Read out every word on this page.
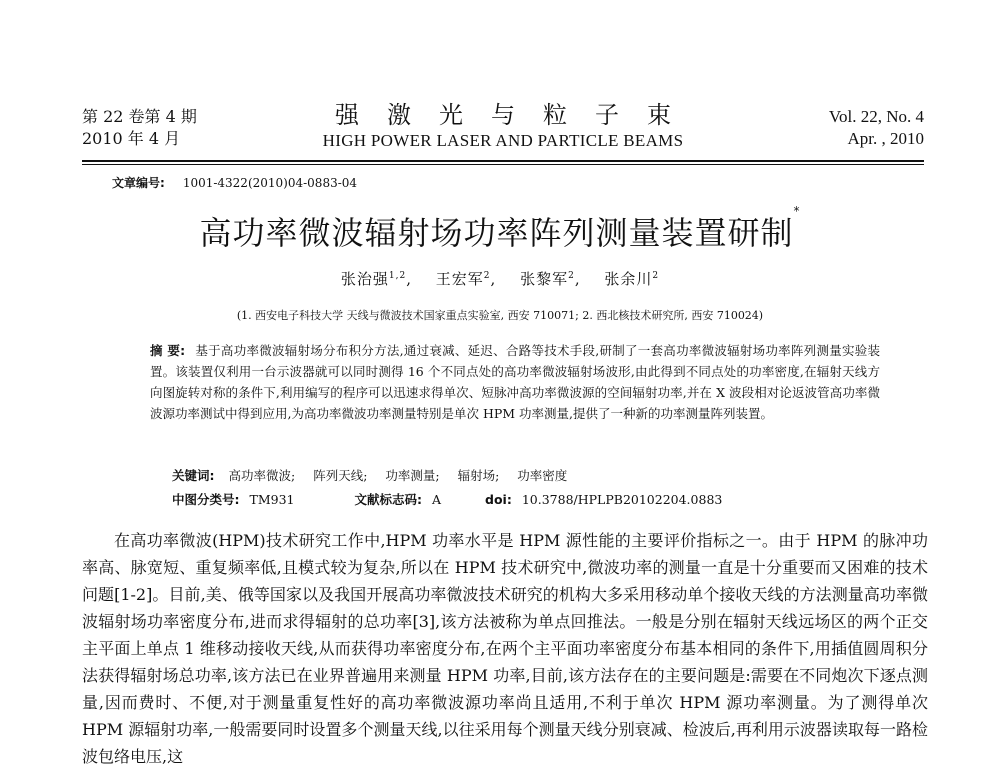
第 22 卷第 4 期
2010 年 4 月
强激光与粒子束
HIGH POWER LASER AND PARTICLE BEAMS
Vol. 22, No. 4
Apr. , 2010
文章编号: 1001-4322(2010)04-0883-04
高功率微波辐射场功率阵列测量装置研制*
张治强$^{1,2}$, 王宏军$^2$, 张黎军$^2$, 张余川$^2$
(1. 西安电子科技大学 天线与微波技术国家重点实验室, 西安 710071; 2. 西北核技术研究所, 西安 710024)
摘 要: 基于高功率微波辐射场分布积分方法,通过衰减、延迟、合路等技术手段,研制了一套高功率微波辐射场功率阵列测量实验装置。该装置仅利用一台示波器就可以同时测得 16 个不同点处的高功率微波辐射场波形,由此得到不同点处的功率密度,在辐射天线方向图旋转对称的条件下,利用编写的程序可以迅速求得单次、短脉冲高功率微波源的空间辐射功率,并在 X 波段相对论返波管高功率微波源功率测试中得到应用,为高功率微波功率测量特别是单次 HPM 功率测量,提供了一种新的功率测量阵列装置。
关键词: 高功率微波; 阵列天线; 功率测量; 辐射场; 功率密度
中图分类号: TM931	文献标志码: A	doi: 10.3788/HPLPB20102204.0883

在高功率微波(HPM)技术研究工作中,HPM 功率水平是 HPM 源性能的主要评价指标之一。由于 HPM 的脉冲功率高、脉宽短、重复频率低,且模式较为复杂,所以在 HPM 技术研究中,微波功率的测量一直是十分重要而又困难的技术问题[1-2]。目前,美、俄等国家以及我国开展高功率微波技术研究的机构大多采用移动单个接收天线的方法测量高功率微波辐射场功率密度分布,进而求得辐射的总功率[3],该方法被称为单点回推法。一般是分别在辐射天线远场区的两个正交主平面上单点 1 维移动接收天线,从而获得功率密度分布,在两个主平面功率密度分布基本相同的条件下,用插值圆周积分法获得辐射场总功率,该方法已在业界普遍用来测量 HPM 功率,目前,该方法存在的主要问题是:需要在不同炮次下逐点测量,因而费时、不便,对于测量重复性好的高功率微波源功率尚且适用,不利于单次 HPM 源功率测量。为了测得单次 HPM 源辐射功率,一般需要同时设置多个测量天线,以往采用每个测量天线分别衰减、检波后,再利用示波器读取每一路检波包络电压,这
